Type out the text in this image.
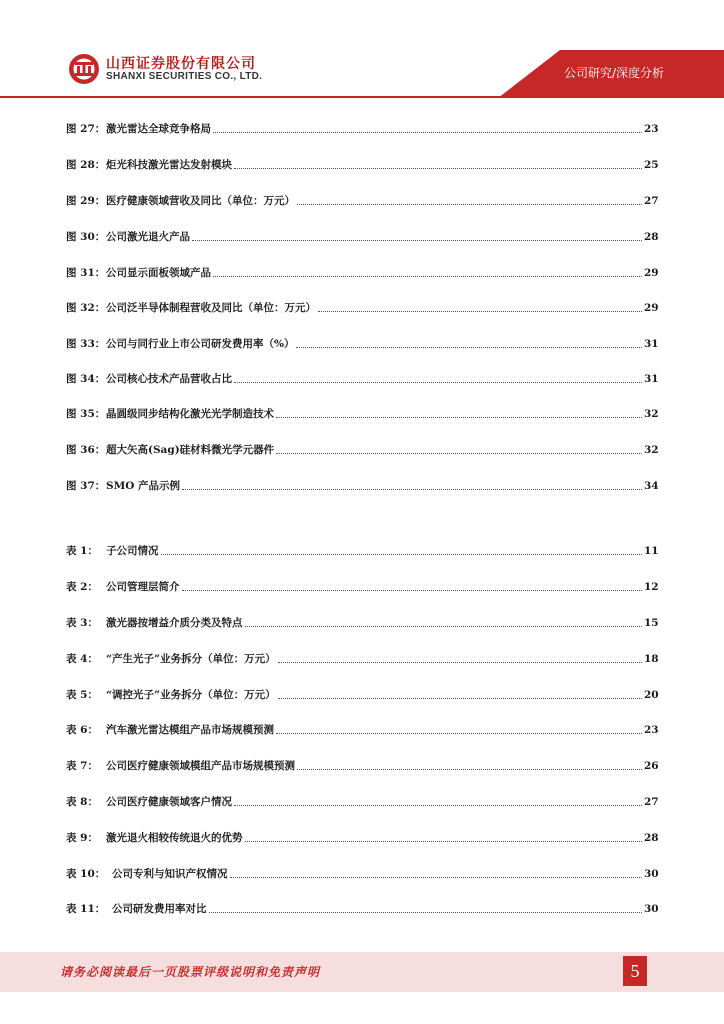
山西证券股份有限公司
SHANXI SECURITIES CO., LTD.	公司研究/深度分析
图 27： 激光雷达全球竞争格局	23
图 28： 炬光科技激光雷达发射模块	25
图 29： 医疗健康领域营收及同比（单位：万元）	27
图 30： 公司激光退火产品	28
图 31： 公司显示面板领域产品	29
图 32： 公司泛半导体制程营收及同比（单位：万元）	29
图 33： 公司与同行业上市公司研发费用率（%）	31
图 34： 公司核心技术产品营收占比	31
图 35： 晶圆级同步结构化激光光学制造技术	32
图 36： 超大矢高(Sag)硅材料微光学元器件	32
图 37： SMO 产品示例	34
表 1： 子公司情况	11
表 2： 公司管理层简介	12
表 3： 激光器按增益介质分类及特点	15
表 4： “产生光子”业务拆分（单位：万元）	18
表 5： “调控光子”业务拆分（单位：万元）	20
表 6： 汽车激光雷达模组产品市场规模预测	23
表 7： 公司医疗健康领域模组产品市场规模预测	26
表 8： 公司医疗健康领域客户情况	27
表 9： 激光退火相较传统退火的优势	28
表 10： 公司专利与知识产权情况	30
表 11： 公司研发费用率对比	30
请务必阅读最后一页股票评级说明和免责声明	5
